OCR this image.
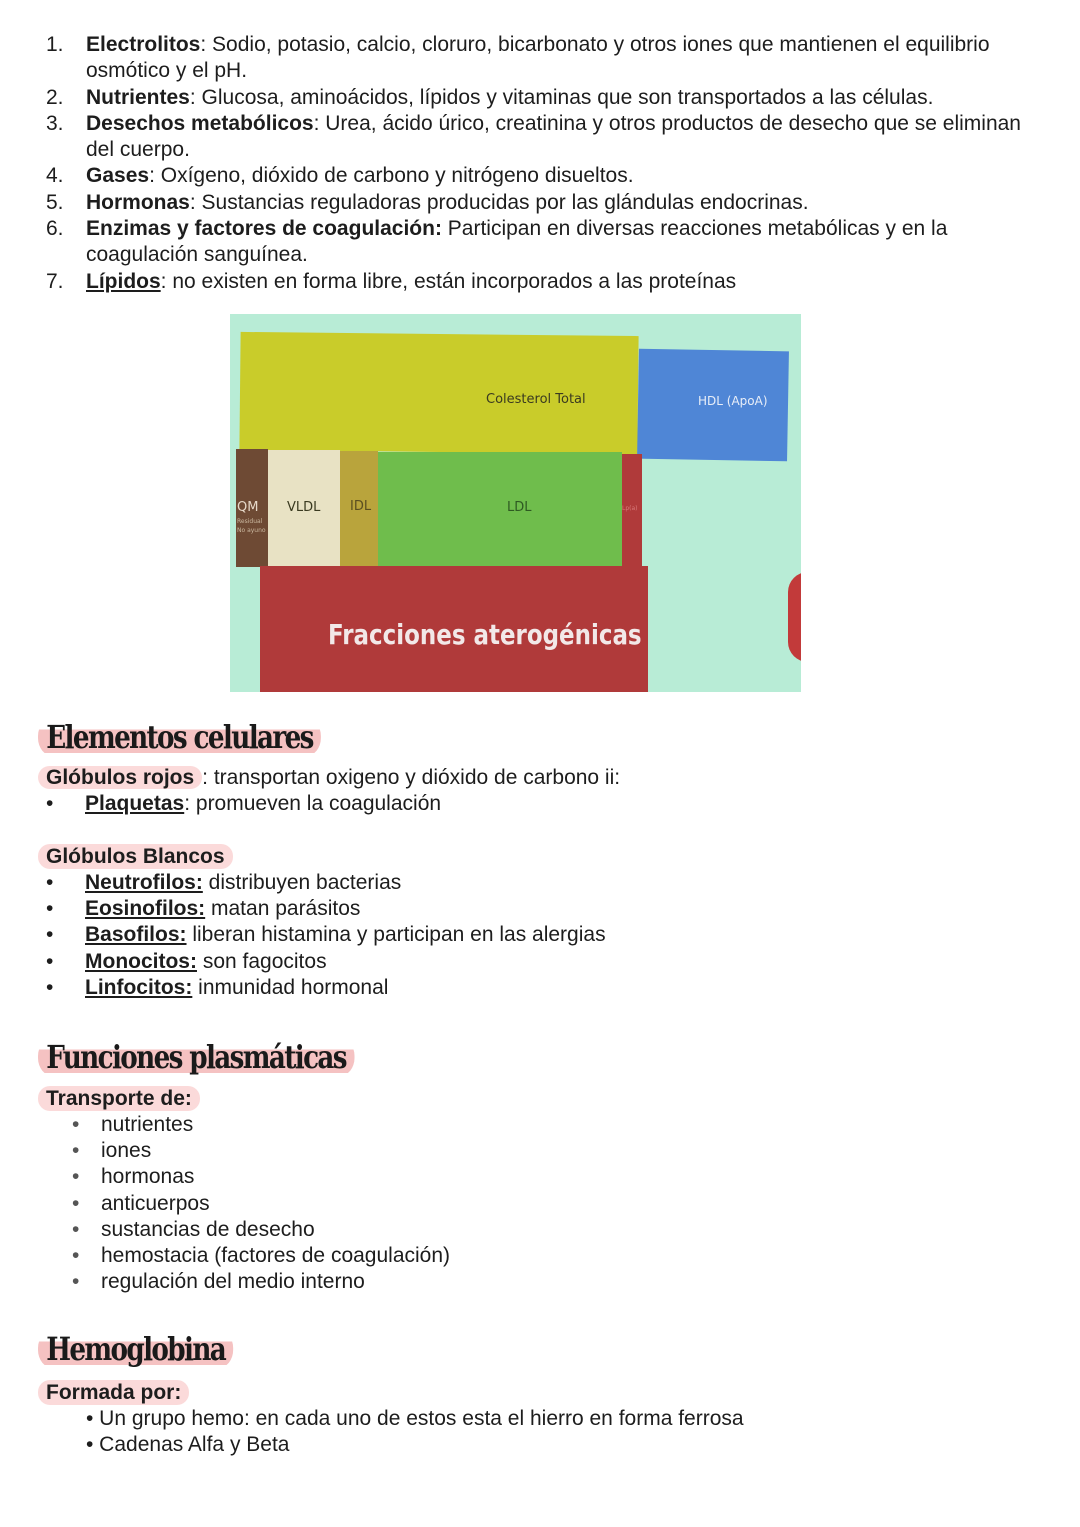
1.	Electrolitos: Sodio, potasio, calcio, cloruro, bicarbonato y otros iones que mantienen el equilibrio osmótico y el pH.
2.	Nutrientes: Glucosa, aminoácidos, lípidos y vitaminas que son transportados a las células.
3.	Desechos metabólicos: Urea, ácido úrico, creatinina y otros productos de desecho que se eliminan del cuerpo.
4.	Gases: Oxígeno, dióxido de carbono y nitrógeno disueltos.
5.	Hormonas: Sustancias reguladoras producidas por las glándulas endocrinas.
6.	Enzimas y factores de coagulación: Participan en diversas reacciones metabólicas y en la coagulación sanguínea.
7.	Lípidos: no existen en forma libre, están incorporados a las proteínas
Colesterol Total	HDL (ApoA)
QM
Residual
No ayuno
VLDL IDL	LDL	Lp(a)
Fracciones aterogénicas
Elementos celulares
Glóbulos rojos : transportan oxigeno y dióxido de carbono ii:
•	Plaquetas: promueven la coagulación
Glóbulos Blancos
•	Neutrofilos: distribuyen bacterias
•	Eosinofilos: matan parásitos
•	Basofilos: liberan histamina y participan en las alergias
•	Monocitos: son fagocitos
•	Linfocitos: inmunidad hormonal
Funciones plasmáticas
Transporte de:
•	nutrientes
•	iones
•	hormonas
•	anticuerpos
•	sustancias de desecho
•	hemostacia (factores de coagulación)
•	regulación del medio interno
Hemoglobina
Formada por:
• Un grupo hemo: en cada uno de estos esta el hierro en forma ferrosa
• Cadenas Alfa y Beta
